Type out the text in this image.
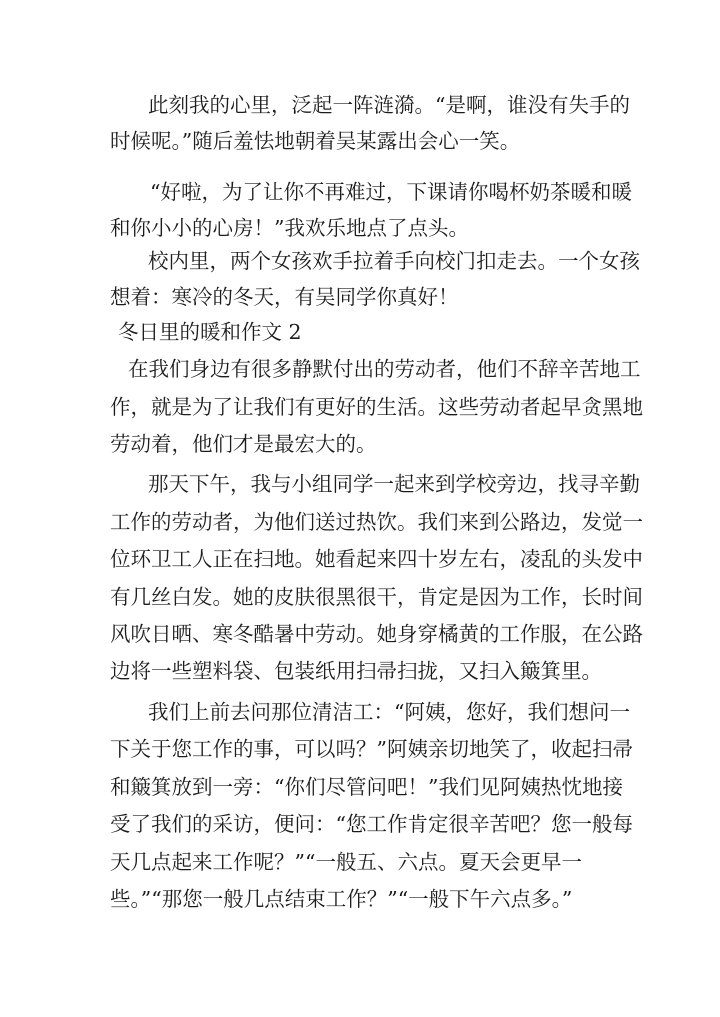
此刻我的心里，泛起一阵涟漪。“是啊，谁没有失手的
时候呢。”随后羞怯地朝着吴某露出会心一笑。
“好啦，为了让你不再难过，下课请你喝杯奶茶暖和暖
和你小小的心房！”我欢乐地点了点头。
校内里，两个女孩欢手拉着手向校门扣走去。一个女孩
想着：寒冷的冬天，有吴同学你真好！
冬日里的暖和作文 2
在我们身边有很多静默付出的劳动者，他们不辞辛苦地工
作，就是为了让我们有更好的生活。这些劳动者起早贪黑地
劳动着，他们才是最宏大的。
那天下午，我与小组同学一起来到学校旁边，找寻辛勤
工作的劳动者，为他们送过热饮。我们来到公路边，发觉一
位环卫工人正在扫地。她看起来四十岁左右，凌乱的头发中
有几丝白发。她的皮肤很黑很干，肯定是因为工作，长时间
风吹日晒、寒冬酷暑中劳动。她身穿橘黄的工作服，在公路
边将一些塑料袋、包装纸用扫帚扫拢，又扫入簸箕里。
我们上前去问那位清洁工：“阿姨，您好，我们想问一
下关于您工作的事，可以吗？”阿姨亲切地笑了，收起扫帚
和簸箕放到一旁：“你们尽管问吧！”我们见阿姨热忱地接
受了我们的采访，便问：“您工作肯定很辛苦吧？您一般每
天几点起来工作呢？”“一般五、六点。夏天会更早一
些。”“那您一般几点结束工作？”“一般下午六点多。”
